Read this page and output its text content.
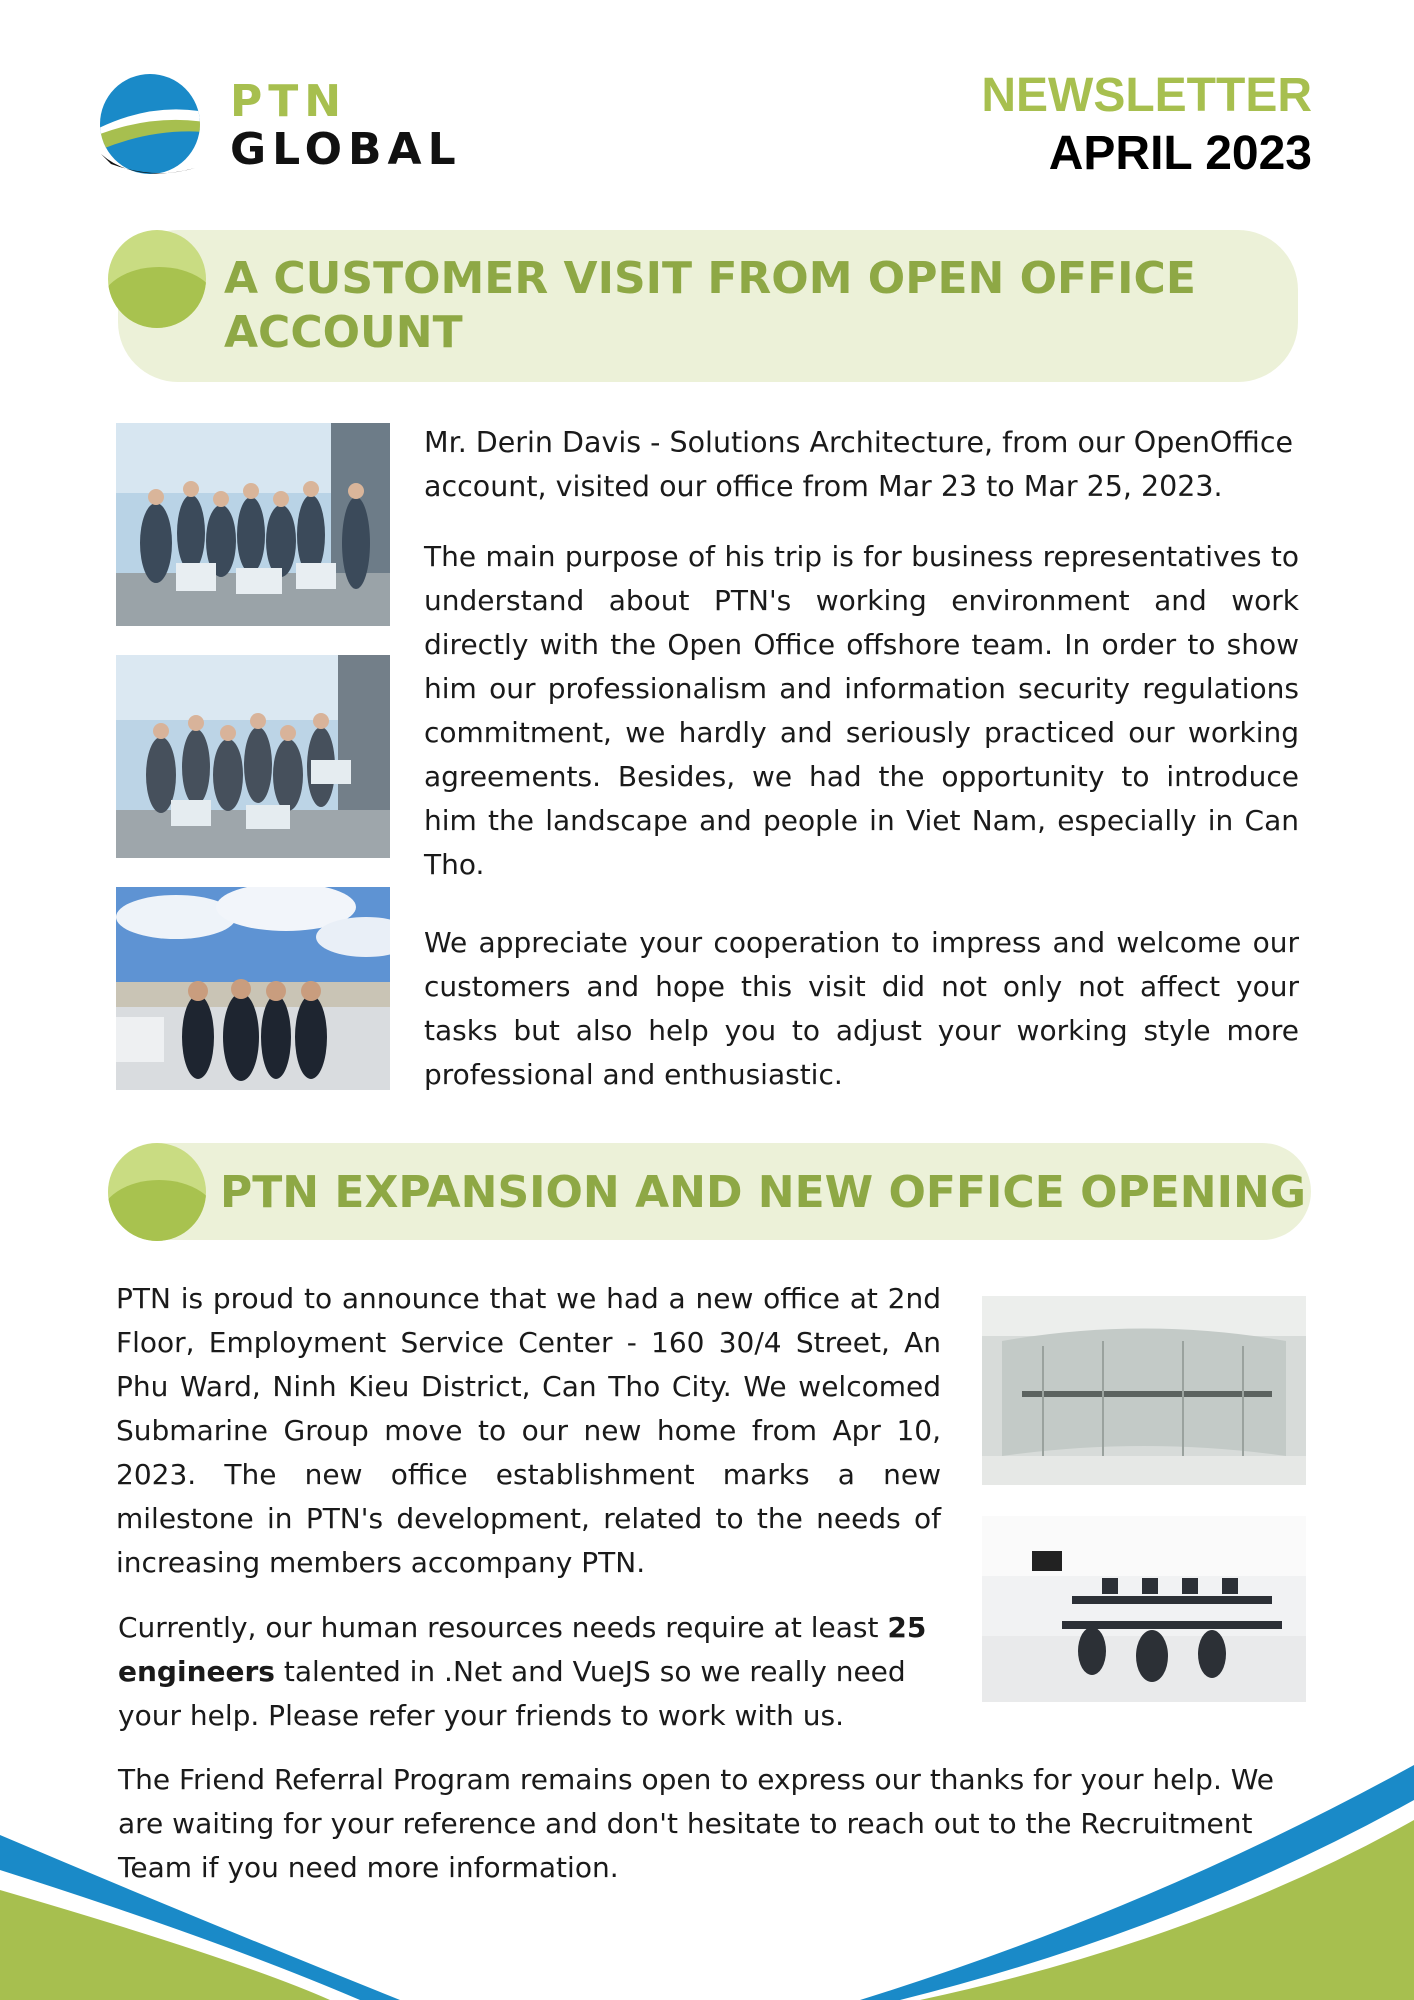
PTN
GLOBAL
NEWSLETTER
APRIL 2023
A CUSTOMER VISIT FROM OPEN OFFICE ACCOUNT

Mr. Derin Davis - Solutions Architecture, from our OpenOffice account, visited our office from Mar 23 to Mar 25, 2023.

The main purpose of his trip is for business representatives to understand about PTN's working environment and work directly with the Open Office offshore team. In order to show him our professionalism and information security regulations commitment, we hardly and seriously practiced our working agreements. Besides, we had the opportunity to introduce him the landscape and people in Viet Nam, especially in Can Tho.

We appreciate your cooperation to impress and welcome our customers and hope this visit did not only not affect your tasks but also help you to adjust your working style more professional and enthusiastic.

PTN EXPANSION AND NEW OFFICE OPENING

PTN is proud to announce that we had a new office at 2nd Floor, Employment Service Center - 160 30/4 Street, An Phu Ward, Ninh Kieu District, Can Tho City. We welcomed Submarine Group move to our new home from Apr 10, 2023. The new office establishment marks a new milestone in PTN's development, related to the needs of increasing members accompany PTN.

Currently, our human resources needs require at least 25 engineers talented in .Net and VueJS so we really need your help. Please refer your friends to work with us.

The Friend Referral Program remains open to express our thanks for your help. We are waiting for your reference and don't hesitate to reach out to the Recruitment Team if you need more information.
